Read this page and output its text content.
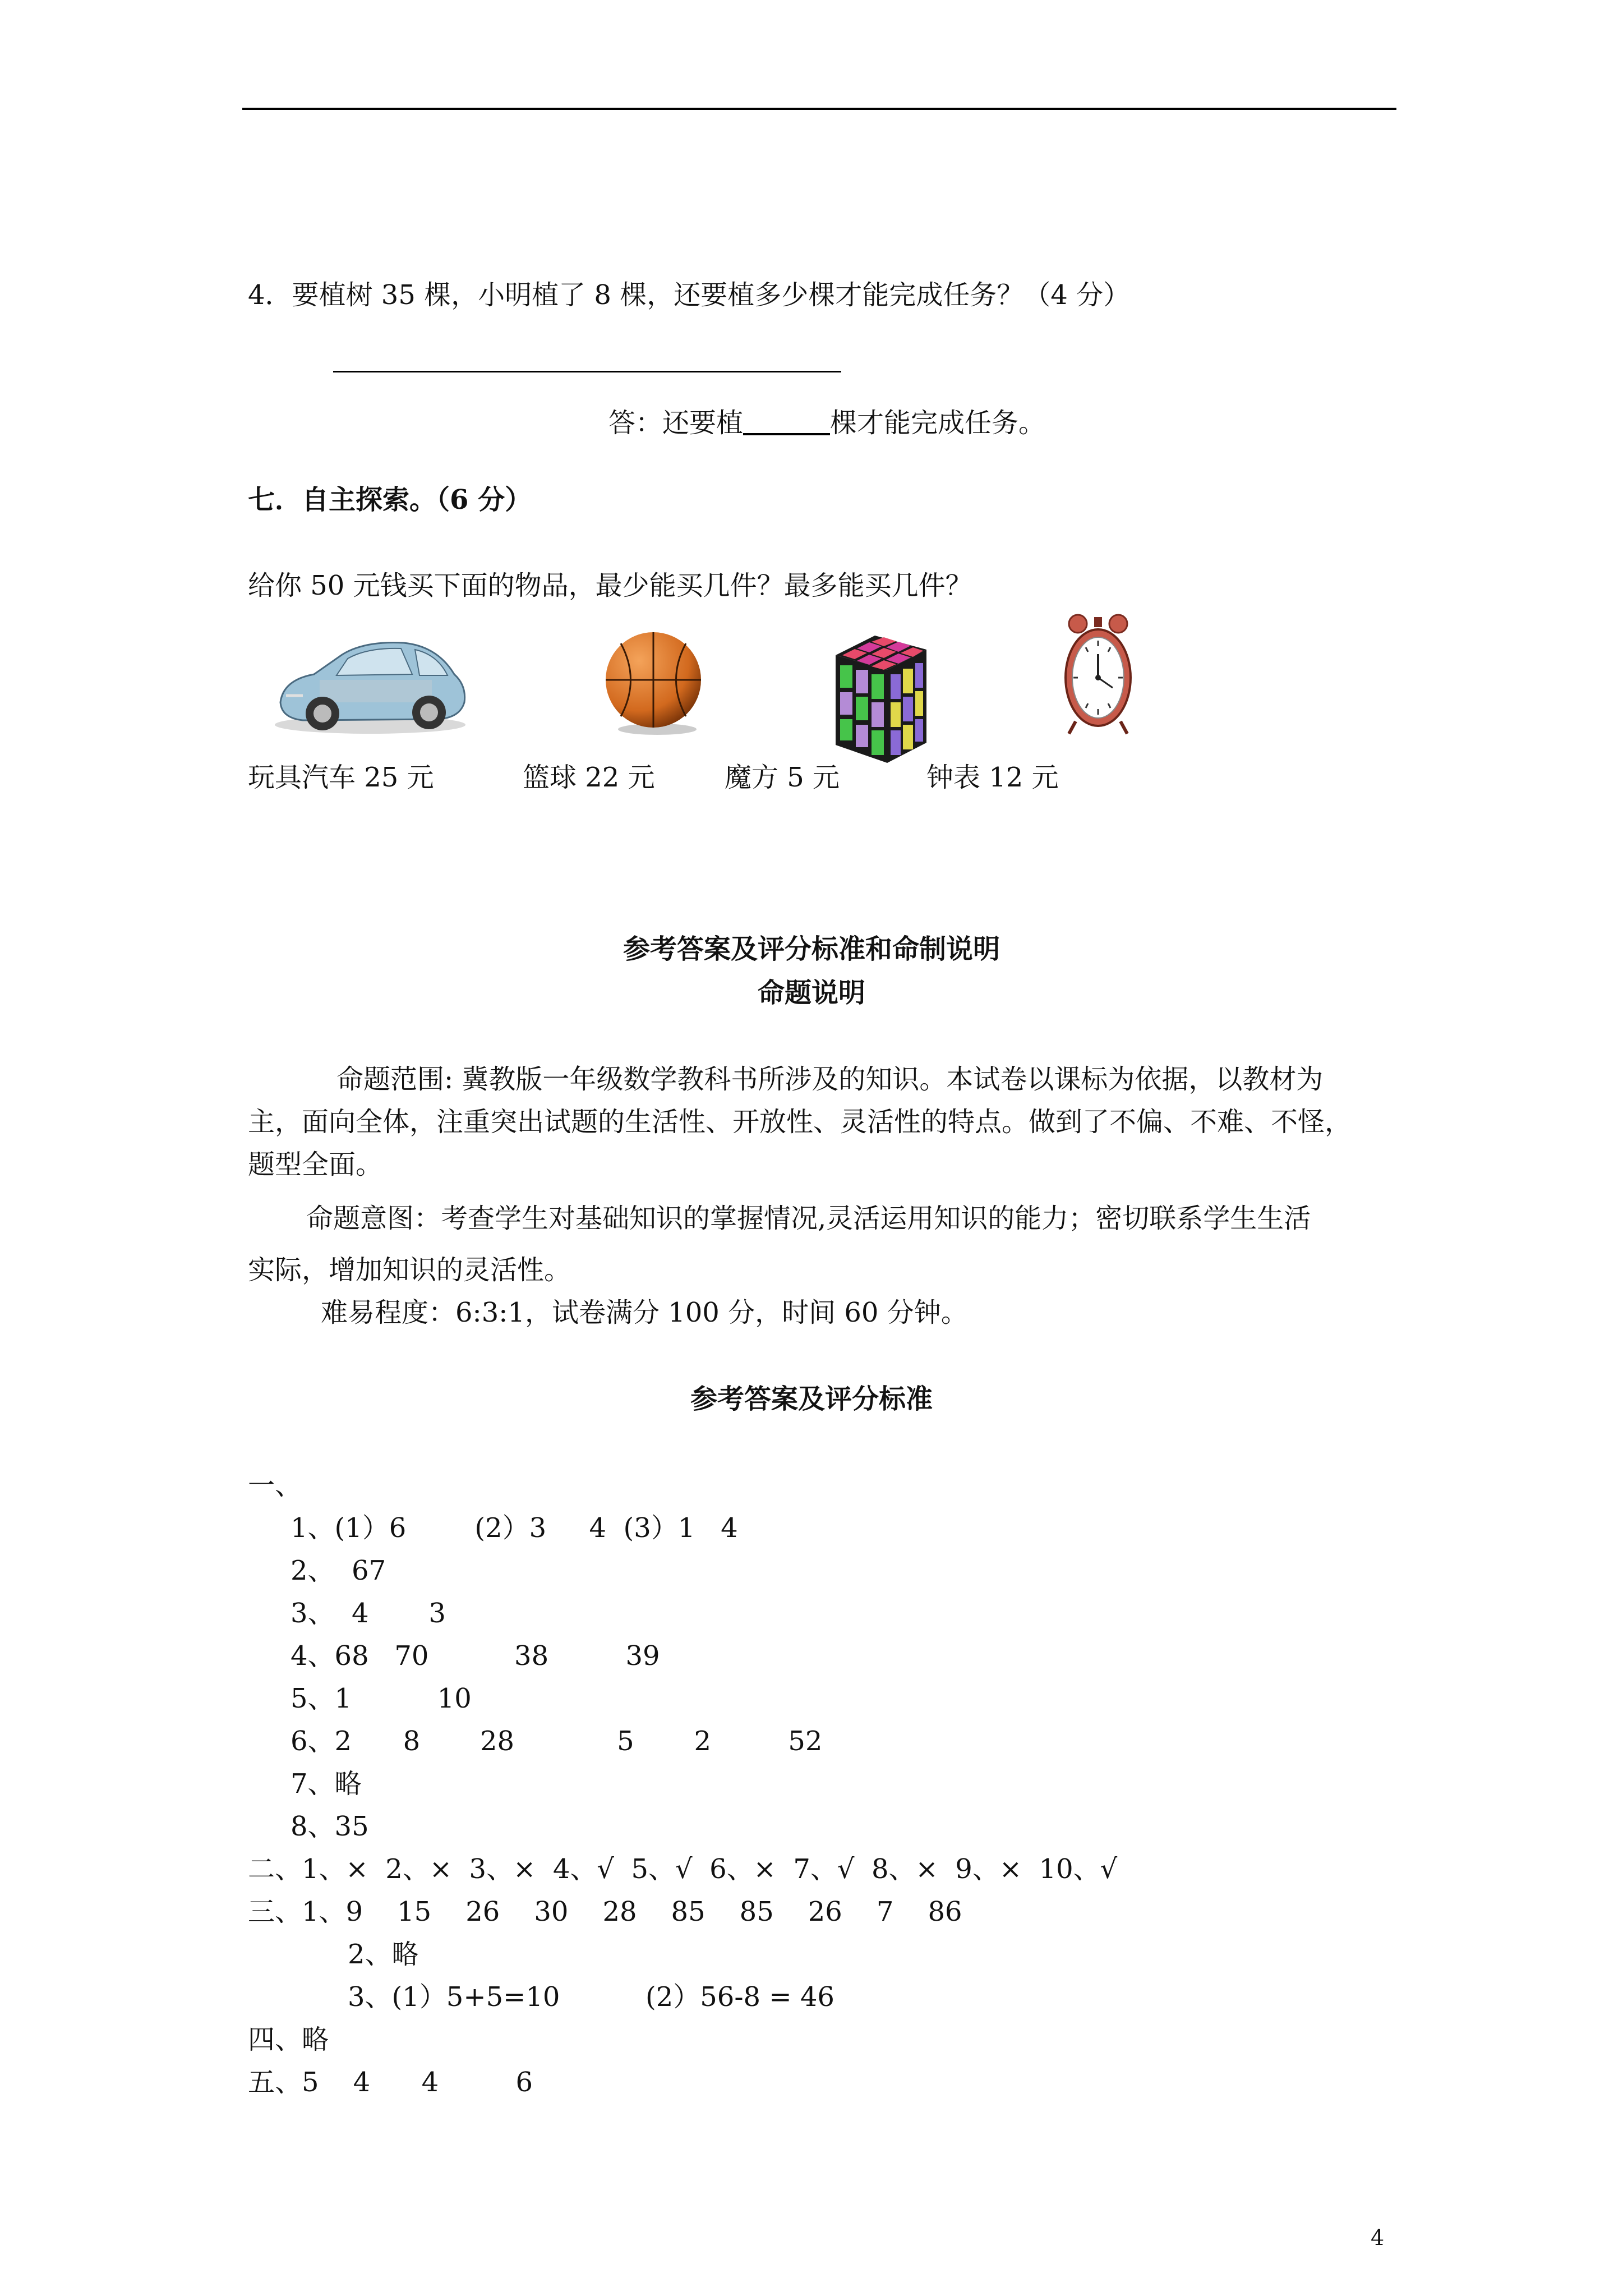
4．要植树 35 棵，小明植了 8 棵，还要植多少棵才能完成任务？（4 分）
答：还要植	棵才能完成任务。
七．自主探索。（6 分）
给你 50 元钱买下面的物品，最少能买几件？最多能买几件？
玩具汽车 25 元	篮球 22 元	魔方 5 元	钟表 12 元
参考答案及评分标准和命制说明
命题说明
命题范围: 冀教版一年级数学教科书所涉及的知识。本试卷以课标为依据，以教材为
主，面向全体，注重突出试题的生活性、开放性、灵活性的特点。做到了不偏、不难、不怪，
题型全面。
命题意图：考查学生对基础知识的掌握情况,灵活运用知识的能力；密切联系学生生活
实际，增加知识的灵活性。
难易程度：6:3:1，试卷满分 100 分，时间 60 分钟。
参考答案及评分标准
一、
1、(1）6        (2）3     4  (3）1   4
2、  67
3、  4       3
4、68   70          38         39
5、1          10
6、2      8       28            5       2         52
7、略
8、35
二、1、×  2、×  3、×  4、√  5、√  6、×  7、√  8、×  9、×  10、√
三、1、9    15    26    30    28    85    85    26    7    86
2、略
3、(1）5+5=10          (2）56-8 = 46
四、略
五、5    4      4         6
4
